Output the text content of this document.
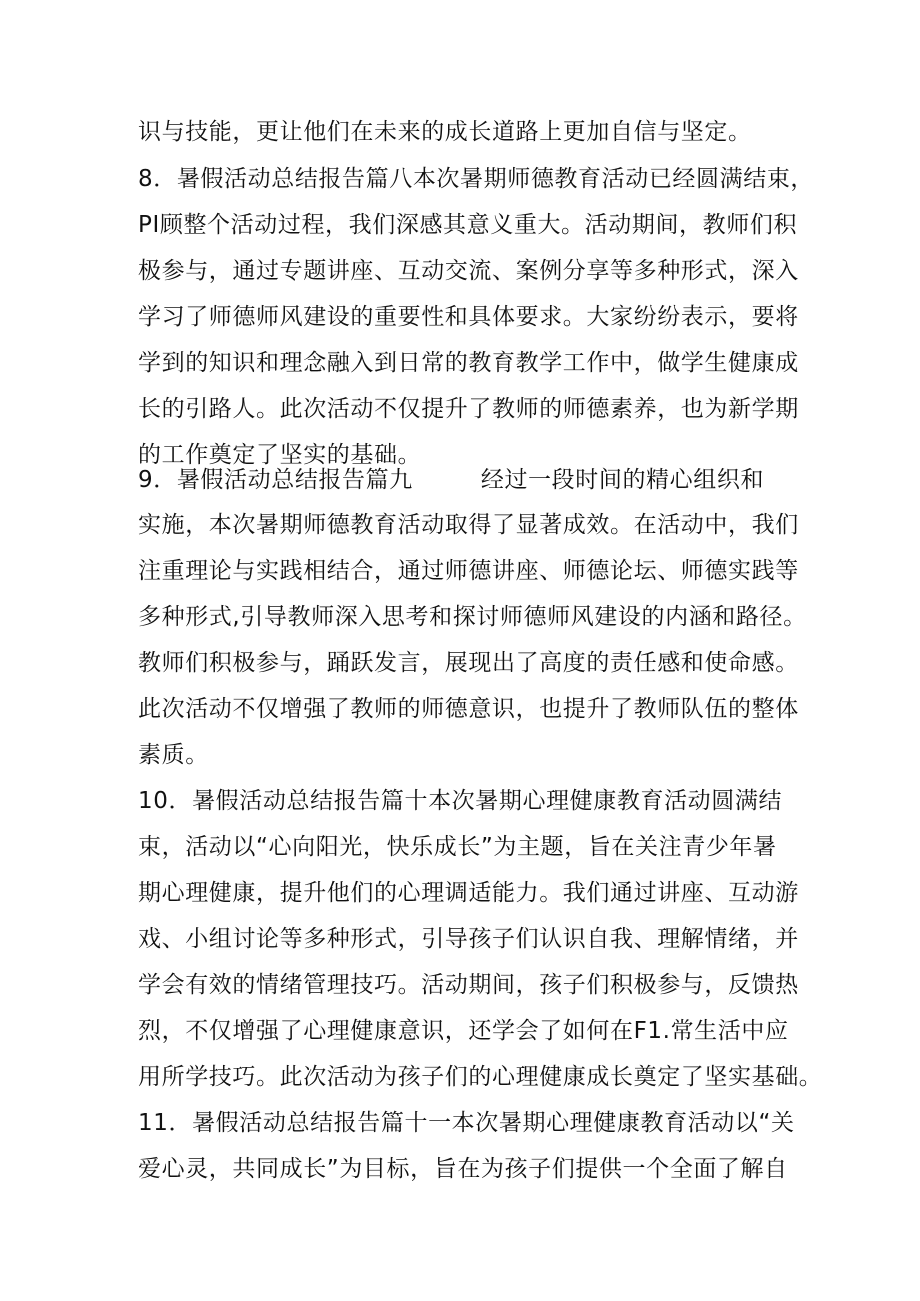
识与技能，更让他们在未来的成长道路上更加自信与坚定。
8．暑假活动总结报告篇八本次暑期师德教育活动已经圆满结束，
PI顾整个活动过程，我们深感其意义重大。活动期间，教师们积
极参与，通过专题讲座、互动交流、案例分享等多种形式，深入
学习了师德师风建设的重要性和具体要求。大家纷纷表示，要将
学到的知识和理念融入到日常的教育教学工作中，做学生健康成
长的引路人。此次活动不仅提升了教师的师德素养，也为新学期
的工作奠定了坚实的基础。
9．暑假活动总结报告篇九	经过一段时间的精心组织和
实施，本次暑期师德教育活动取得了显著成效。在活动中，我们
注重理论与实践相结合，通过师德讲座、师德论坛、师德实践等
多种形式,引导教师深入思考和探讨师德师风建设的内涵和路径。
教师们积极参与，踊跃发言，展现出了高度的责任感和使命感。
此次活动不仅增强了教师的师德意识，也提升了教师队伍的整体
素质。
10．暑假活动总结报告篇十本次暑期心理健康教育活动圆满结
束，活动以“心向阳光，快乐成长”为主题，旨在关注青少年暑
期心理健康，提升他们的心理调适能力。我们通过讲座、互动游
戏、小组讨论等多种形式，引导孩子们认识自我、理解情绪，并
学会有效的情绪管理技巧。活动期间，孩子们积极参与，反馈热
烈，不仅增强了心理健康意识，还学会了如何在F1.常生活中应
用所学技巧。此次活动为孩子们的心理健康成长奠定了坚实基础。
11．暑假活动总结报告篇十一本次暑期心理健康教育活动以“关
爱心灵，共同成长”为目标，旨在为孩子们提供一个全面了解自
